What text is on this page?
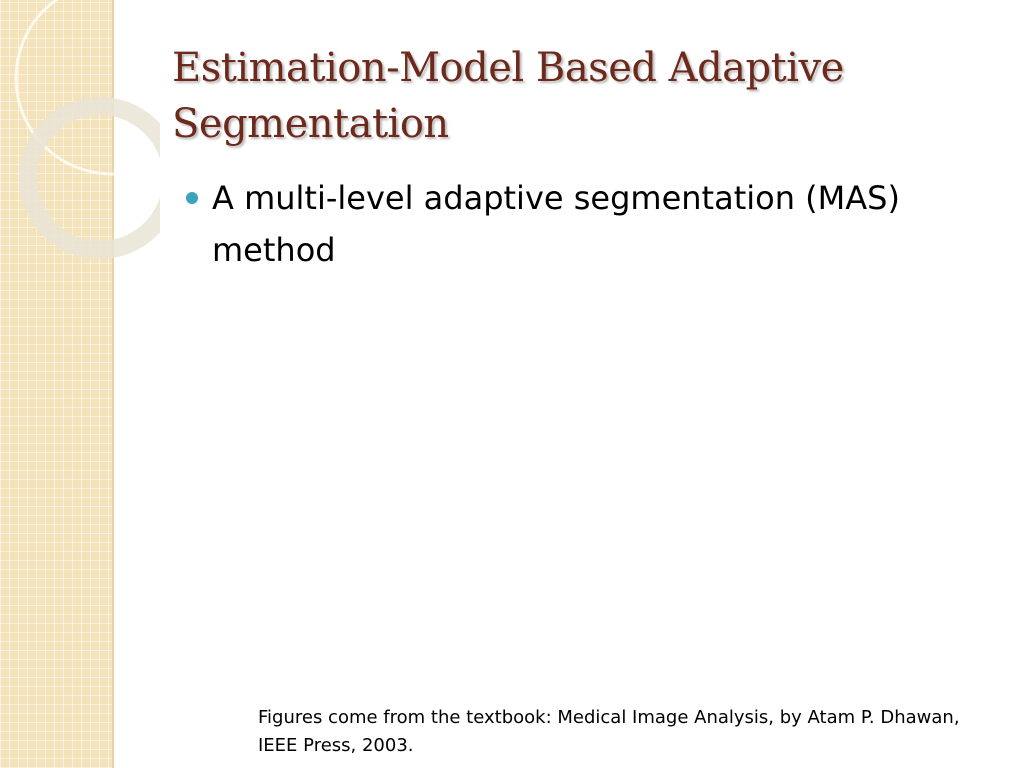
Estimation-Model Based Adaptive Segmentation
A multi-level adaptive segmentation (MAS) method

Figures come from the textbook: Medical Image Analysis, by Atam P. Dhawan, IEEE Press, 2003.
